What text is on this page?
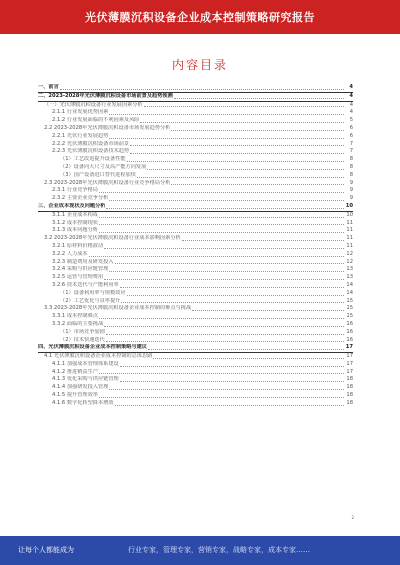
光伏薄膜沉积设备企业成本控制策略研究报告
内容目录
一、前言	4
二、2023-2028年光伏薄膜沉积设备市场前景及趋势预测	4
（一）光伏薄膜沉积设备行业发展因素分析	4
2.1.1 行业发展优势因素	4
2.1.2 行业发展面临的不利因素及风险	5
2.2 2023-2028年光伏薄膜沉积设备市场发展趋势分析	6
2.2.1 光伏行业发展趋势	6
2.2.2 光伏薄膜沉积设备市场前景	7
2.2.3 光伏薄膜沉积设备技术趋势	7
（1）工艺改进提升设备性能	8
（2）设备向大尺寸及高产能方向发展	8
（3）国产设备进口替代进程加快	8
2.3 2023-2028年光伏薄膜沉积设备行业竞争格局分析	9
2.3.1 行业竞争格局	9
2.3.2 主要企业竞争分析	9
三、企业成本现状及问题分析	10
3.1.1 企业成本构成	10
3.1.2 成本控制现状	11
3.1.3 成本问题分析	11
3.2 2023-2028年光伏薄膜沉积设备行业成本影响因素分析	11
3.2.1 原材料价格波动	11
3.2.2 人力成本	12
3.2.3 制造费用及研发投入	12
3.2.4 采购与供应链管理	13
3.2.5 运营与管理费用	13
3.2.6 技术迭代与产能利用率	14
（1）设备利用率与规模效应	14
（2）工艺优化与良率提升	15
3.3 2023-2028年光伏薄膜沉积设备企业成本控制的难点与挑战	15
3.3.1 成本控制难点	15
3.3.2 面临的主要挑战	16
（1）市场竞争加剧	16
（2）技术快速迭代	16
四、光伏薄膜沉积设备企业成本控制策略与建议	17
4.1 光伏薄膜沉积设备企业成本控制的总体思路	17
4.1.1 加强成本管理体系建设	17
4.1.2 推进精益生产	17
4.1.3 优化采购与供应链管理	18
4.1.4 加强研发投入管理	18
4.1.5 提升管理效率	18
4.1.6 数字化转型降本增效	18
2
让每个人都能成为	行业专家，管理专家，营销专家，战略专家，成本专家……
